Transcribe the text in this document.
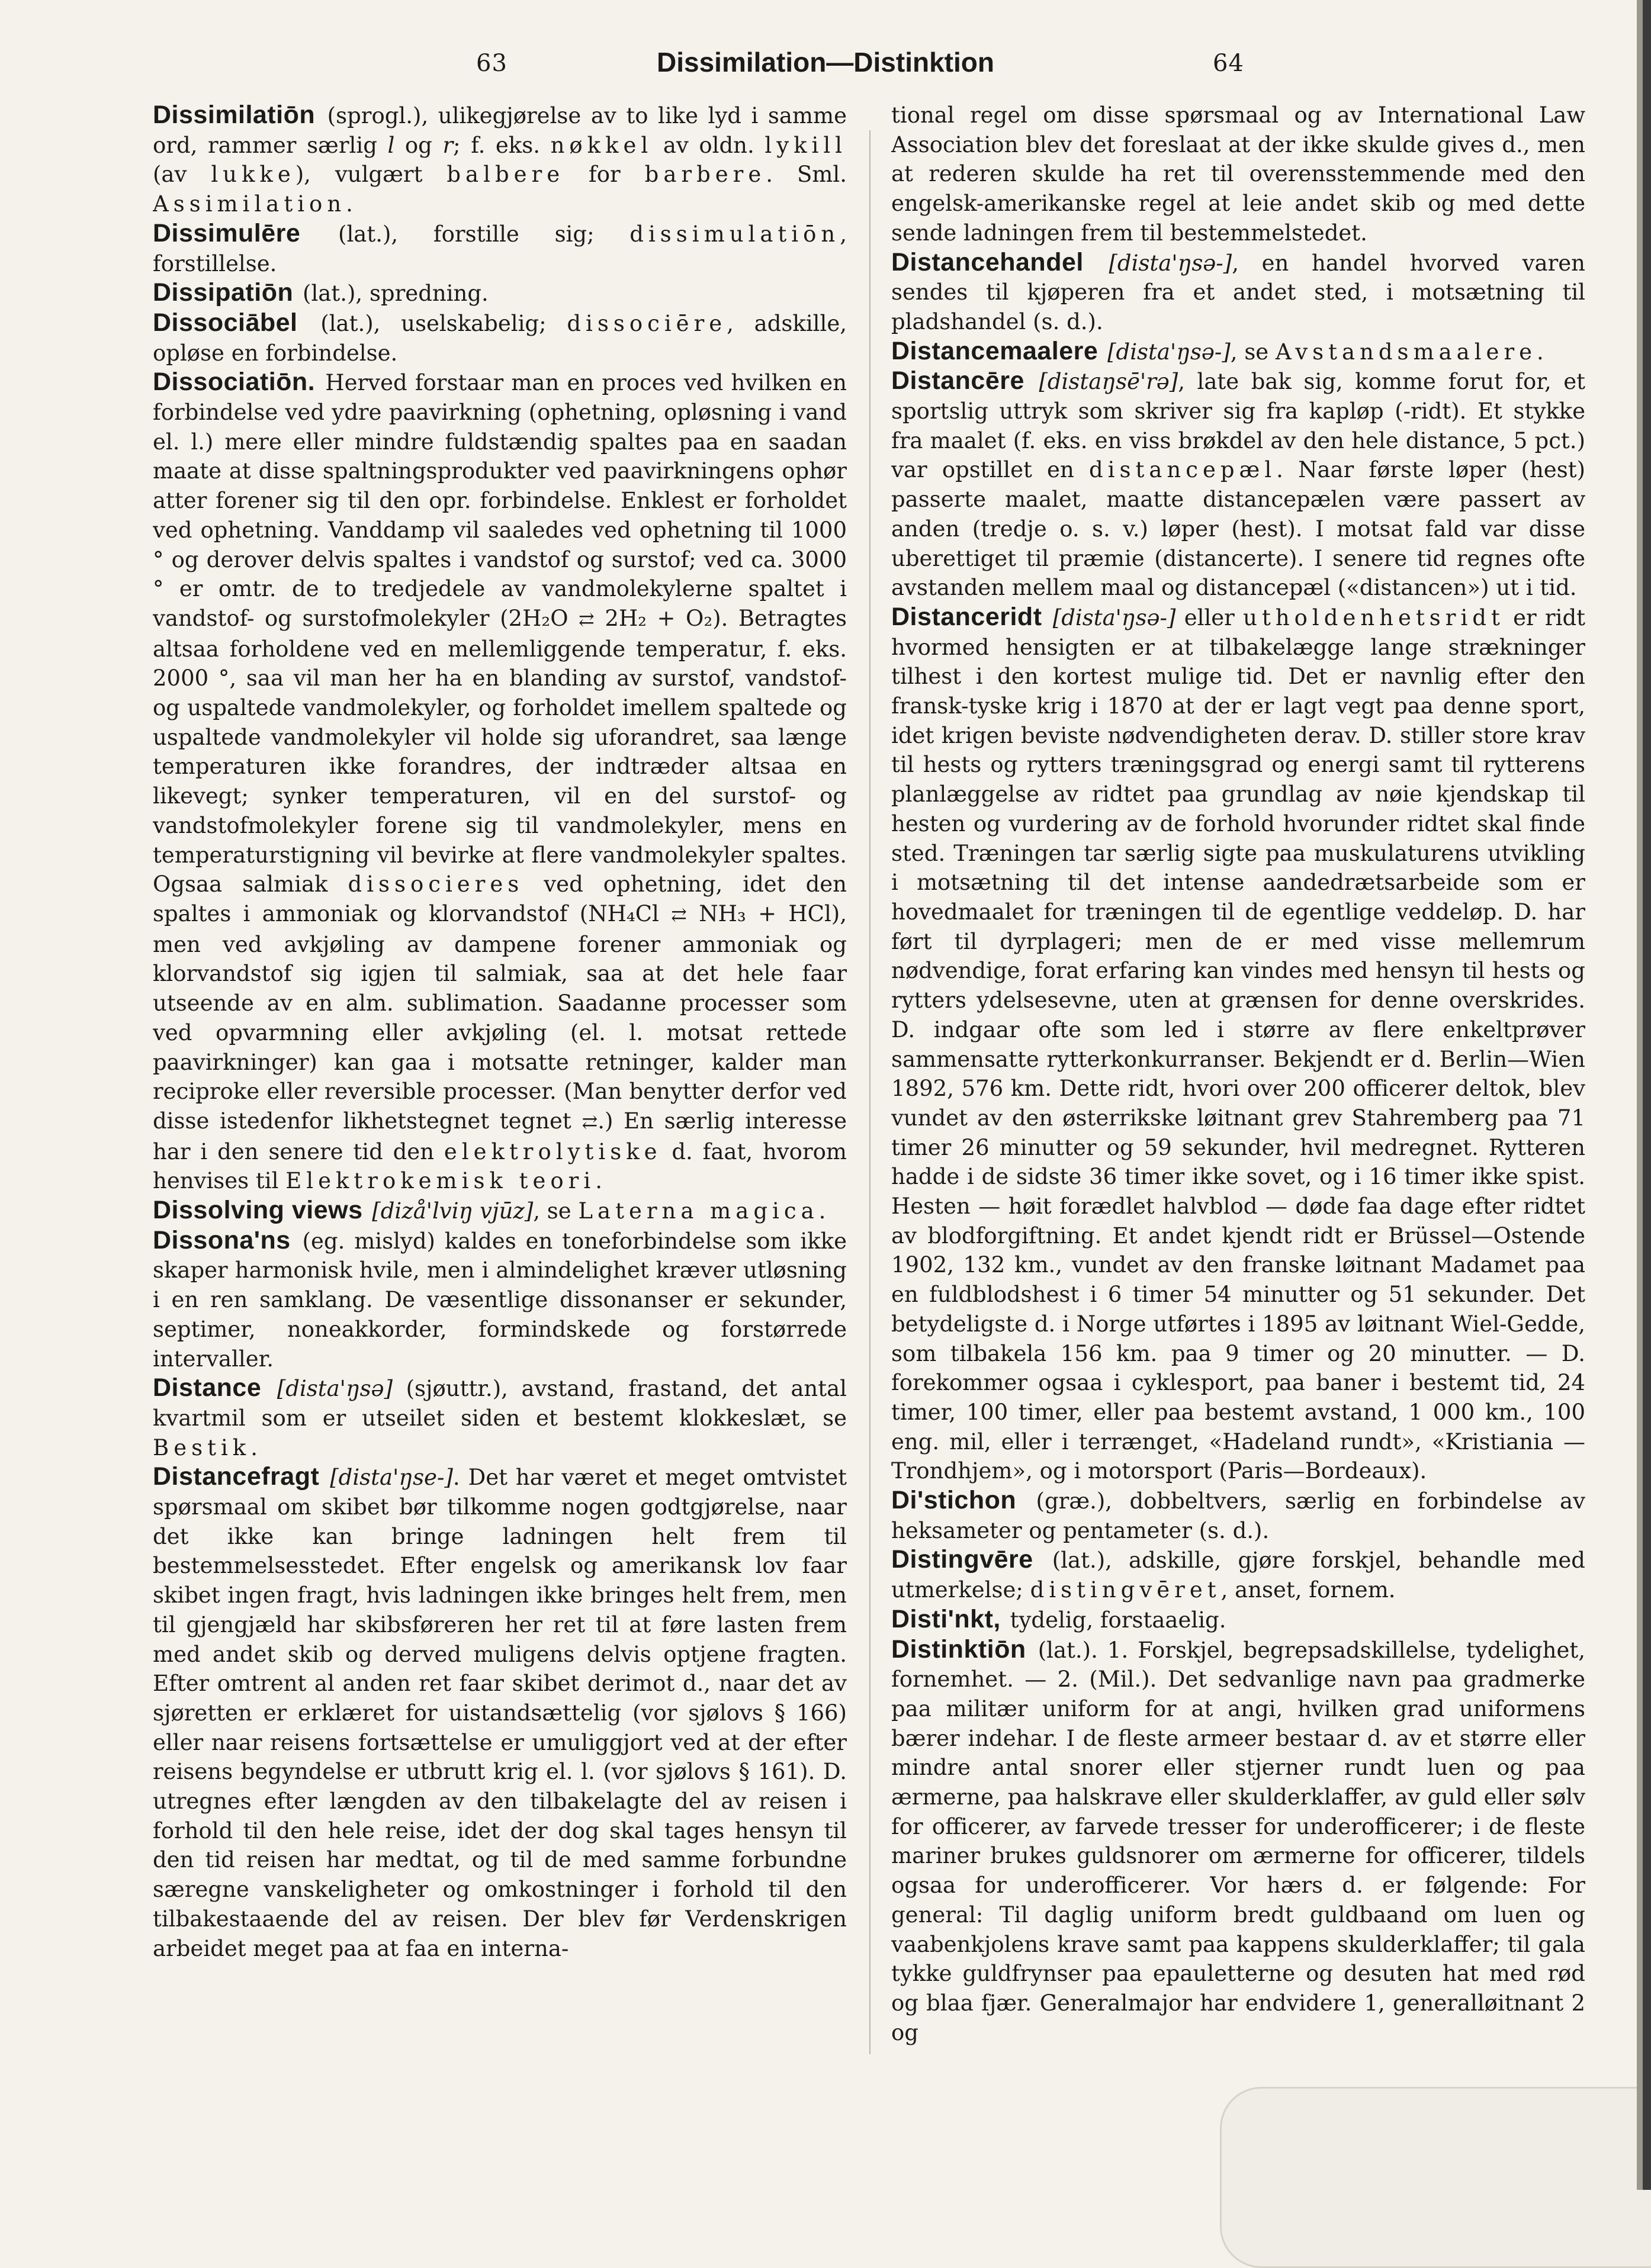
63	Dissimilation—Distinktion	64

Dissimilatiōn (sprogl.), ulikegjørelse av to like lyd i samme ord, rammer særlig l og r; f. eks. nøkkel av oldn. lykill (av lukke), vulgært balbere for barbere. Sml. Assimilation.

Dissimulēre (lat.), forstille sig; dissimulatiōn, forstillelse.

Dissipatiōn (lat.), spredning.

Dissociābel (lat.), uselskabelig; dissociēre, adskille, opløse en forbindelse.

Dissociatiōn. Herved forstaar man en proces ved hvilken en forbindelse ved ydre paavirkning (ophetning, opløsning i vand el. l.) mere eller mindre fuldstændig spaltes paa en saadan maate at disse spaltningsprodukter ved paavirkningens ophør atter forener sig til den opr. forbindelse. Enklest er forholdet ved ophetning. Vanddamp vil saaledes ved ophetning til 1000 ° og derover delvis spaltes i vandstof og surstof; ved ca. 3000 ° er omtr. de to tredjedele av vandmolekylerne spaltet i vandstof- og surstofmolekyler (2H₂O ⇄ 2H₂ + O₂). Betragtes altsaa forholdene ved en mellemliggende temperatur, f. eks. 2000 °, saa vil man her ha en blanding av surstof, vandstof- og uspaltede vandmolekyler, og forholdet imellem spaltede og uspaltede vandmolekyler vil holde sig uforandret, saa længe temperaturen ikke forandres, der indtræder altsaa en likevegt; synker temperaturen, vil en del surstof- og vandstofmolekyler forene sig til vandmolekyler, mens en temperaturstigning vil bevirke at flere vandmolekyler spaltes. Ogsaa salmiak dissocieres ved ophetning, idet den spaltes i ammoniak og klorvandstof (NH₄Cl ⇄ NH₃ + HCl), men ved avkjøling av dampene forener ammoniak og klorvandstof sig igjen til salmiak, saa at det hele faar utseende av en alm. sublimation. Saadanne processer som ved opvarmning eller avkjøling (el. l. motsat rettede paavirkninger) kan gaa i motsatte retninger, kalder man reciproke eller reversible processer. (Man benytter derfor ved disse istedenfor likhetstegnet tegnet ⇄.) En særlig interesse har i den senere tid den elektrolytiske d. faat, hvorom henvises til Elektrokemisk teori.

Dissolving views [dizå'lviŋ vjūz], se Laterna magica.

Dissona'ns (eg. mislyd) kaldes en toneforbindelse som ikke skaper harmonisk hvile, men i almindelighet kræver utløsning i en ren samklang. De væsentlige dissonanser er sekunder, septimer, noneakkorder, formindskede og forstørrede intervaller.

Distance [dista'ŋsə] (sjøuttr.), avstand, frastand, det antal kvartmil som er utseilet siden et bestemt klokkeslæt, se Bestik.

Distancefragt [dista'ŋse-]. Det har været et meget omtvistet spørsmaal om skibet bør tilkomme nogen godtgjørelse, naar det ikke kan bringe ladningen helt frem til bestemmelsesstedet. Efter engelsk og amerikansk lov faar skibet ingen fragt, hvis ladningen ikke bringes helt frem, men til gjengjæld har skibsføreren her ret til at føre lasten frem med andet skib og derved muligens delvis optjene fragten. Efter omtrent al anden ret faar skibet derimot d., naar det av sjøretten er erklæret for uistandsættelig (vor sjølovs § 166) eller naar reisens fortsættelse er umuliggjort ved at der efter reisens begyndelse er utbrutt krig el. l. (vor sjølovs § 161). D. utregnes efter længden av den tilbakelagte del av reisen i forhold til den hele reise, idet der dog skal tages hensyn til den tid reisen har medtat, og til de med samme forbundne særegne vanskeligheter og omkostninger i forhold til den tilbakestaaende del av reisen. Der blev før Verdenskrigen arbeidet meget paa at faa en interna-

tional regel om disse spørsmaal og av International Law Association blev det foreslaat at der ikke skulde gives d., men at rederen skulde ha ret til overensstemmende med den engelsk-amerikanske regel at leie andet skib og med dette sende ladningen frem til bestemmelstedet.

Distancehandel [dista'ŋsə-], en handel hvorved varen sendes til kjøperen fra et andet sted, i motsætning til pladshandel (s. d.).

Distancemaalere [dista'ŋsə-], se Avstandsmaalere.

Distancēre [distaŋsē'rə], late bak sig, komme forut for, et sportslig uttryk som skriver sig fra kapløp (-ridt). Et stykke fra maalet (f. eks. en viss brøkdel av den hele distance, 5 pct.) var opstillet en distancepæl. Naar første løper (hest) passerte maalet, maatte distancepælen være passert av anden (tredje o. s. v.) løper (hest). I motsat fald var disse uberettiget til præmie (distancerte). I senere tid regnes ofte avstanden mellem maal og distancepæl («distancen») ut i tid.

Distanceridt [dista'ŋsə-] eller utholdenhetsridt er ridt hvormed hensigten er at tilbakelægge lange strækninger tilhest i den kortest mulige tid. Det er navnlig efter den fransk-tyske krig i 1870 at der er lagt vegt paa denne sport, idet krigen beviste nødvendigheten derav. D. stiller store krav til hests og rytters træningsgrad og energi samt til rytterens planlæggelse av ridtet paa grundlag av nøie kjendskap til hesten og vurdering av de forhold hvorunder ridtet skal finde sted. Træningen tar særlig sigte paa muskulaturens utvikling i motsætning til det intense aandedrætsarbeide som er hovedmaalet for træningen til de egentlige veddeløp. D. har ført til dyrplageri; men de er med visse mellemrum nødvendige, forat erfaring kan vindes med hensyn til hests og rytters ydelsesevne, uten at grænsen for denne overskrides. D. indgaar ofte som led i større av flere enkeltprøver sammensatte rytterkonkurranser. Bekjendt er d. Berlin—Wien 1892, 576 km. Dette ridt, hvori over 200 officerer deltok, blev vundet av den østerrikske løitnant grev Stahremberg paa 71 timer 26 minutter og 59 sekunder, hvil medregnet. Rytteren hadde i de sidste 36 timer ikke sovet, og i 16 timer ikke spist. Hesten — høit forædlet halvblod — døde faa dage efter ridtet av blodforgiftning. Et andet kjendt ridt er Brüssel—Ostende 1902, 132 km., vundet av den franske løitnant Madamet paa en fuldblodshest i 6 timer 54 minutter og 51 sekunder. Det betydeligste d. i Norge utførtes i 1895 av løitnant Wiel-Gedde, som tilbakela 156 km. paa 9 timer og 20 minutter. — D. forekommer ogsaa i cyklesport, paa baner i bestemt tid, 24 timer, 100 timer, eller paa bestemt avstand, 1 000 km., 100 eng. mil, eller i terrænget, «Hadeland rundt», «Kristiania —Trondhjem», og i motorsport (Paris—Bordeaux).

Di'stichon (græ.), dobbeltvers, særlig en forbindelse av heksameter og pentameter (s. d.).

Distingvēre (lat.), adskille, gjøre forskjel, behandle med utmerkelse; distingvēret, anset, fornem.

Disti'nkt, tydelig, forstaaelig.

Distinktiōn (lat.). 1. Forskjel, begrepsadskillelse, tydelighet, fornemhet. — 2. (Mil.). Det sedvanlige navn paa gradmerke paa militær uniform for at angi, hvilken grad uniformens bærer indehar. I de fleste armeer bestaar d. av et større eller mindre antal snorer eller stjerner rundt luen og paa ærmerne, paa halskrave eller skulderklaffer, av guld eller sølv for officerer, av farvede tresser for underofficerer; i de fleste mariner brukes guldsnorer om ærmerne for officerer, tildels ogsaa for underofficerer. Vor hærs d. er følgende: For general: Til daglig uniform bredt guldbaand om luen og vaabenkjolens krave samt paa kappens skulderklaffer; til gala tykke guldfrynser paa epauletterne og desuten hat med rød og blaa fjær. Generalmajor har endvidere 1, generalløitnant 2 og
